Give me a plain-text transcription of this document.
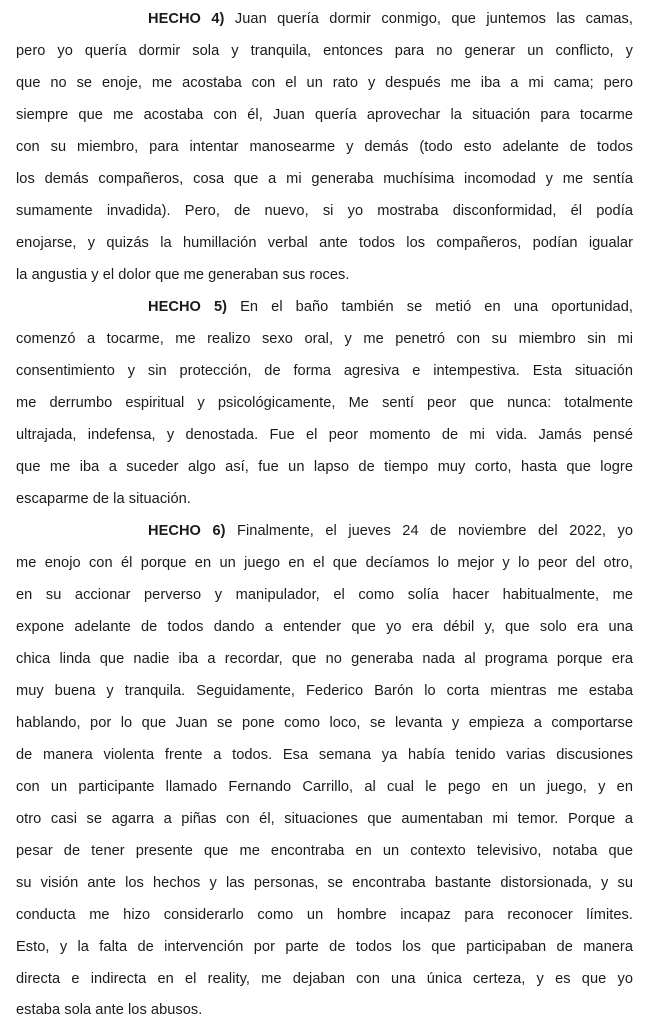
HECHO 4) Juan quería dormir conmigo, que juntemos las camas,
pero yo quería dormir sola y tranquila, entonces para no generar un conflicto, y
que no se enoje, me acostaba con el un rato y después me iba a mi cama; pero
siempre que me acostaba con él, Juan quería aprovechar la situación para tocarme
con su miembro, para intentar manosearme y demás (todo esto adelante de todos
los demás compañeros, cosa que a mi generaba muchísima incomodad y me sentía
sumamente invadida). Pero, de nuevo, si yo mostraba disconformidad, él podía
enojarse, y quizás la humillación verbal ante todos los compañeros, podían igualar
la angustia y el dolor que me generaban sus roces.
HECHO 5) En el baño también se metió en una oportunidad,
comenzó a tocarme, me realizo sexo oral, y me penetró con su miembro sin mi
consentimiento y sin protección, de forma agresiva e intempestiva. Esta situación
me derrumbo espiritual y psicológicamente, Me sentí peor que nunca: totalmente
ultrajada, indefensa, y denostada. Fue el peor momento de mi vida. Jamás pensé
que me iba a suceder algo así, fue un lapso de tiempo muy corto, hasta que logre
escaparme de la situación.
HECHO 6) Finalmente, el jueves 24 de noviembre del 2022, yo
me enojo con él porque en un juego en el que decíamos lo mejor y lo peor del otro,
en su accionar perverso y manipulador, el como solía hacer habitualmente, me
expone adelante de todos dando a entender que yo era débil y, que solo era una
chica linda que nadie iba a recordar, que no generaba nada al programa porque era
muy buena y tranquila. Seguidamente, Federico Barón lo corta mientras me estaba
hablando, por lo que Juan se pone como loco, se levanta y empieza a comportarse
de manera violenta frente a todos. Esa semana ya había tenido varias discusiones
con un participante llamado Fernando Carrillo, al cual le pego en un juego, y en
otro casi se agarra a piñas con él, situaciones que aumentaban mi temor. Porque a
pesar de tener presente que me encontraba en un contexto televisivo, notaba que
su visión ante los hechos y las personas, se encontraba bastante distorsionada, y su
conducta me hizo considerarlo como un hombre incapaz para reconocer límites.
Esto, y la falta de intervención por parte de todos los que participaban de manera
directa e indirecta en el reality, me dejaban con una única certeza, y es que yo
estaba sola ante los abusos.
